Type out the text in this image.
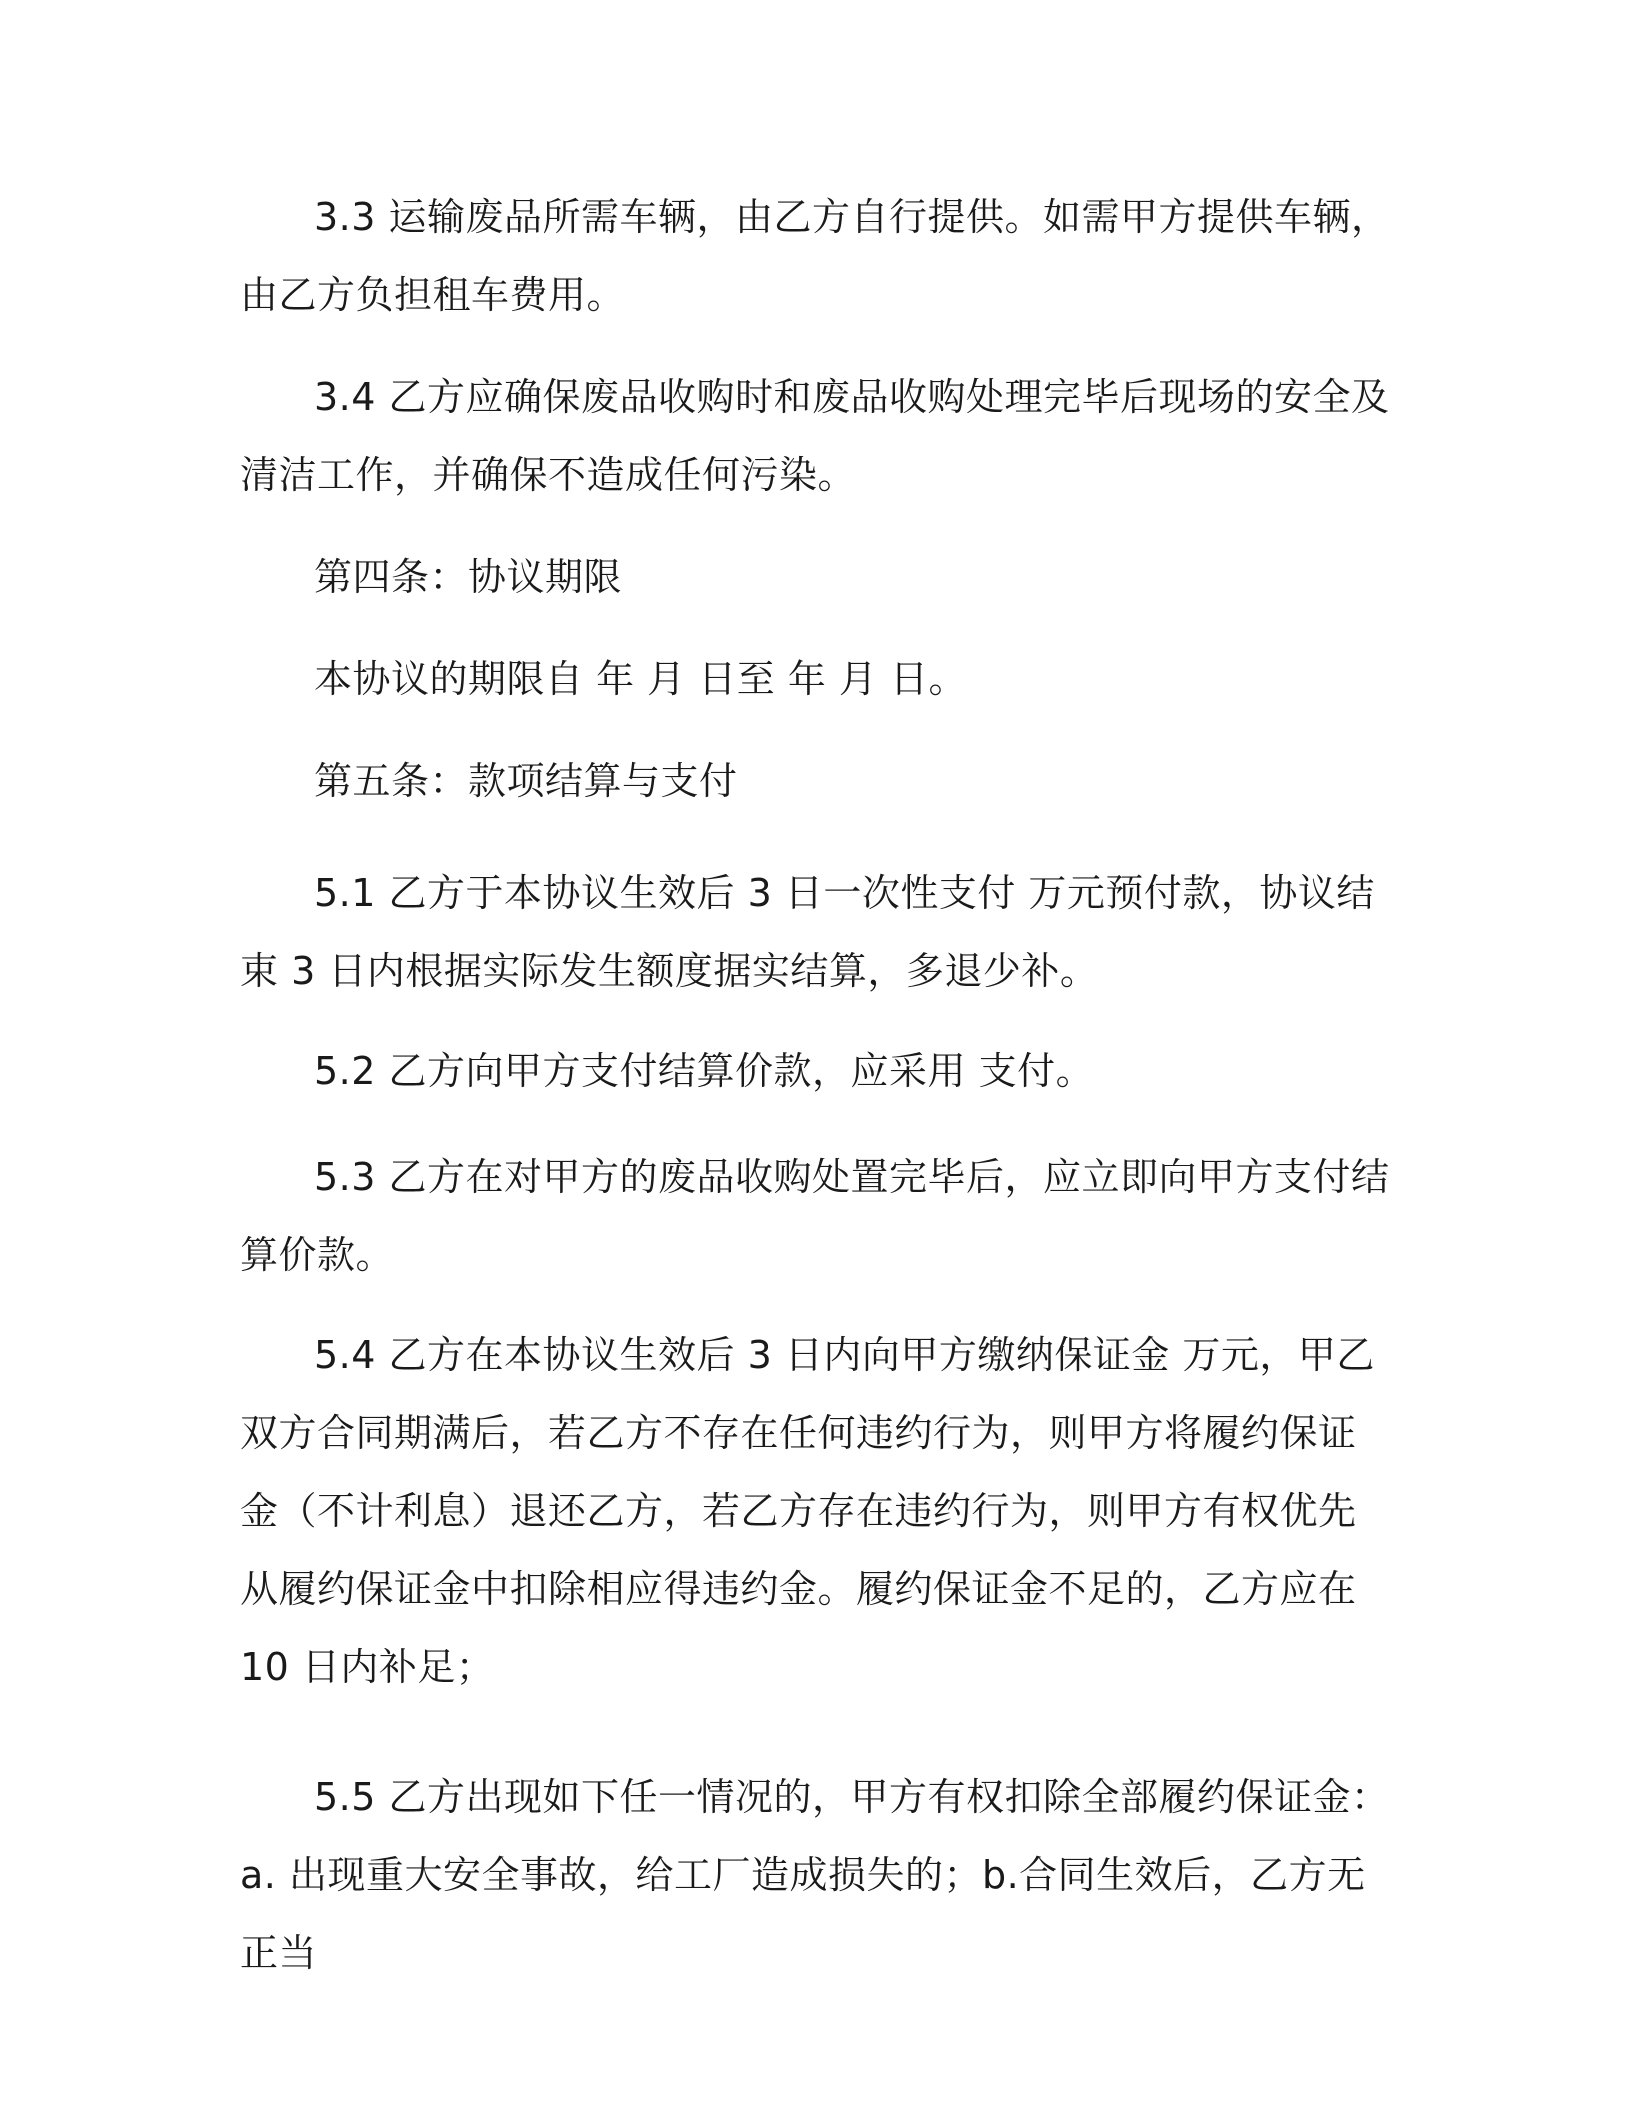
3.3 运输废品所需车辆，由乙方自行提供。如需甲方提供车辆，由乙方负担租车费用。

3.4 乙方应确保废品收购时和废品收购处理完毕后现场的安全及清洁工作，并确保不造成任何污染。

第四条：协议期限

本协议的期限自 年 月 日至 年 月 日。

第五条：款项结算与支付

5.1 乙方于本协议生效后 3 日一次性支付 万元预付款，协议结束 3 日内根据实际发生额度据实结算，多退少补。

5.2 乙方向甲方支付结算价款，应采用 支付。

5.3 乙方在对甲方的废品收购处置完毕后，应立即向甲方支付结算价款。

5.4 乙方在本协议生效后 3 日内向甲方缴纳保证金 万元，甲乙双方合同期满后，若乙方不存在任何违约行为，则甲方将履约保证金（不计利息）退还乙方，若乙方存在违约行为，则甲方有权优先从履约保证金中扣除相应得违约金。履约保证金不足的，乙方应在 10 日内补足；

5.5 乙方出现如下任一情况的，甲方有权扣除全部履约保证金：a. 出现重大安全事故，给工厂造成损失的；b.合同生效后，乙方无正当
